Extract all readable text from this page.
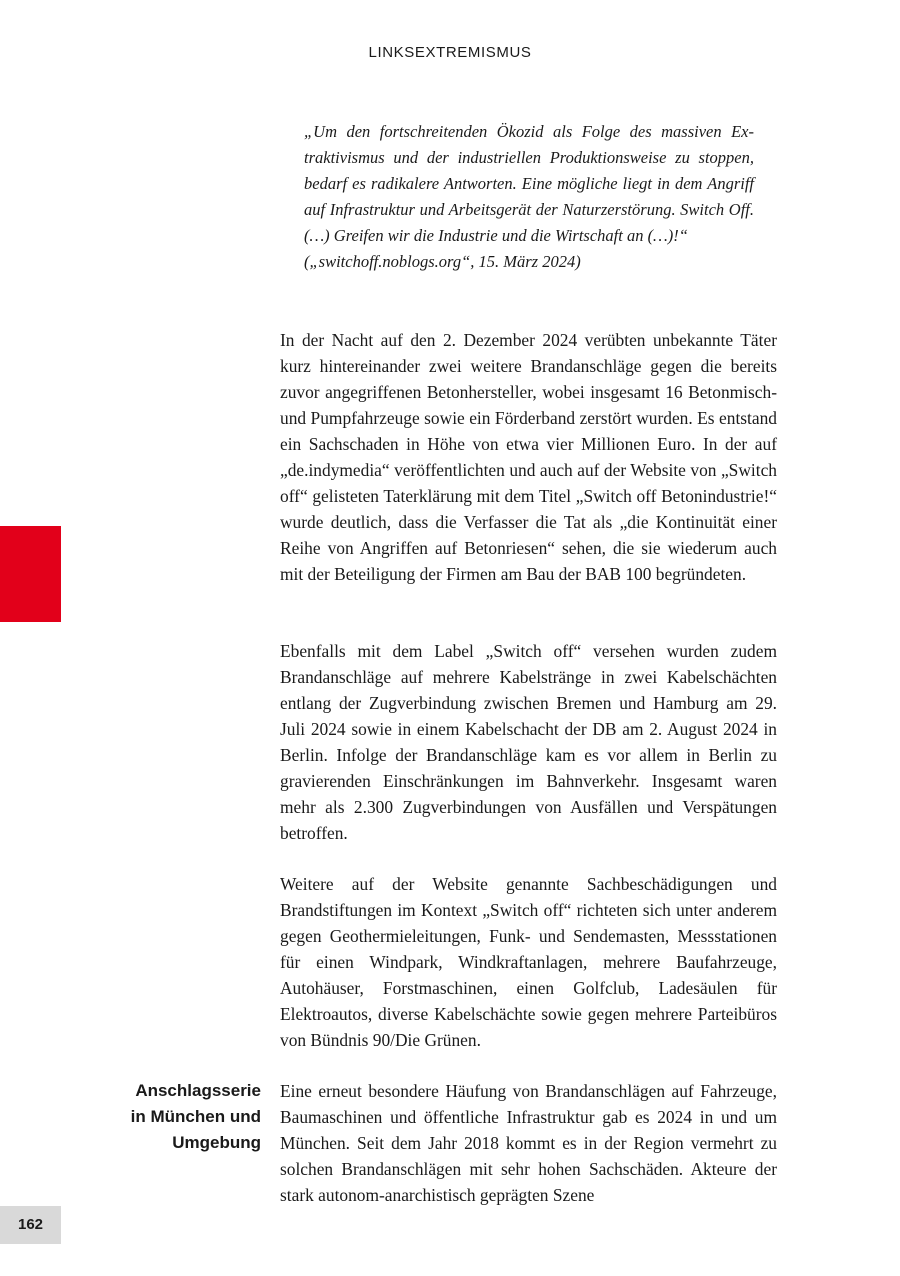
LINKSEXTREMISMUS

„Um den fortschreitenden Ökozid als Folge des massiven Extraktivismus und der industriellen Produktionsweise zu stoppen, bedarf es radikalere Antworten. Eine mögliche liegt in dem Angriff auf Infrastruktur und Arbeitsgerät der Naturzerstörung. Switch Off. (…) Greifen wir die Industrie und die Wirtschaft an (…)!“

(„switchoff.noblogs.org“, 15. März 2024)

In der Nacht auf den 2. Dezember 2024 verübten unbekannte Täter kurz hintereinander zwei weitere Brandanschläge gegen die bereits zuvor angegriffenen Betonhersteller, wobei insgesamt 16 Betonmisch- und Pumpfahrzeuge sowie ein Förderband zerstört wurden. Es entstand ein Sachschaden in Höhe von etwa vier Millionen Euro. In der auf „de.indymedia“ veröffentlichten und auch auf der Website von „Switch off“ gelisteten Taterklärung mit dem Titel „Switch off Betonindustrie!“ wurde deutlich, dass die Verfasser die Tat als „die Kontinuität einer Reihe von Angriffen auf Betonriesen“ sehen, die sie wiederum auch mit der Beteiligung der Firmen am Bau der BAB 100 begründeten.

Ebenfalls mit dem Label „Switch off“ versehen wurden zudem Brandanschläge auf mehrere Kabelstränge in zwei Kabelschächten entlang der Zugverbindung zwischen Bremen und Hamburg am 29. Juli 2024 sowie in einem Kabelschacht der DB am 2. August 2024 in Berlin. Infolge der Brandanschläge kam es vor allem in Berlin zu gravierenden Einschränkungen im Bahnverkehr. Insgesamt waren mehr als 2.300 Zugverbindungen von Ausfällen und Verspätungen betroffen.

Weitere auf der Website genannte Sachbeschädigungen und Brandstiftungen im Kontext „Switch off“ richteten sich unter anderem gegen Geothermieleitungen, Funk- und Sendemasten, Messstationen für einen Windpark, Windkraftanlagen, mehrere Baufahrzeuge, Autohäuser, Forstmaschinen, einen Golfclub, Ladesäulen für Elektroautos, diverse Kabelschächte sowie gegen mehrere Parteibüros von Bündnis 90/Die Grünen.

Anschlagsserie
in München und
Umgebung

Eine erneut besondere Häufung von Brandanschlägen auf Fahrzeuge, Baumaschinen und öffentliche Infrastruktur gab es 2024 in und um München. Seit dem Jahr 2018 kommt es in der Region vermehrt zu solchen Brandanschlägen mit sehr hohen Sachschäden. Akteure der stark autonom-anarchistisch geprägten Szene

162
